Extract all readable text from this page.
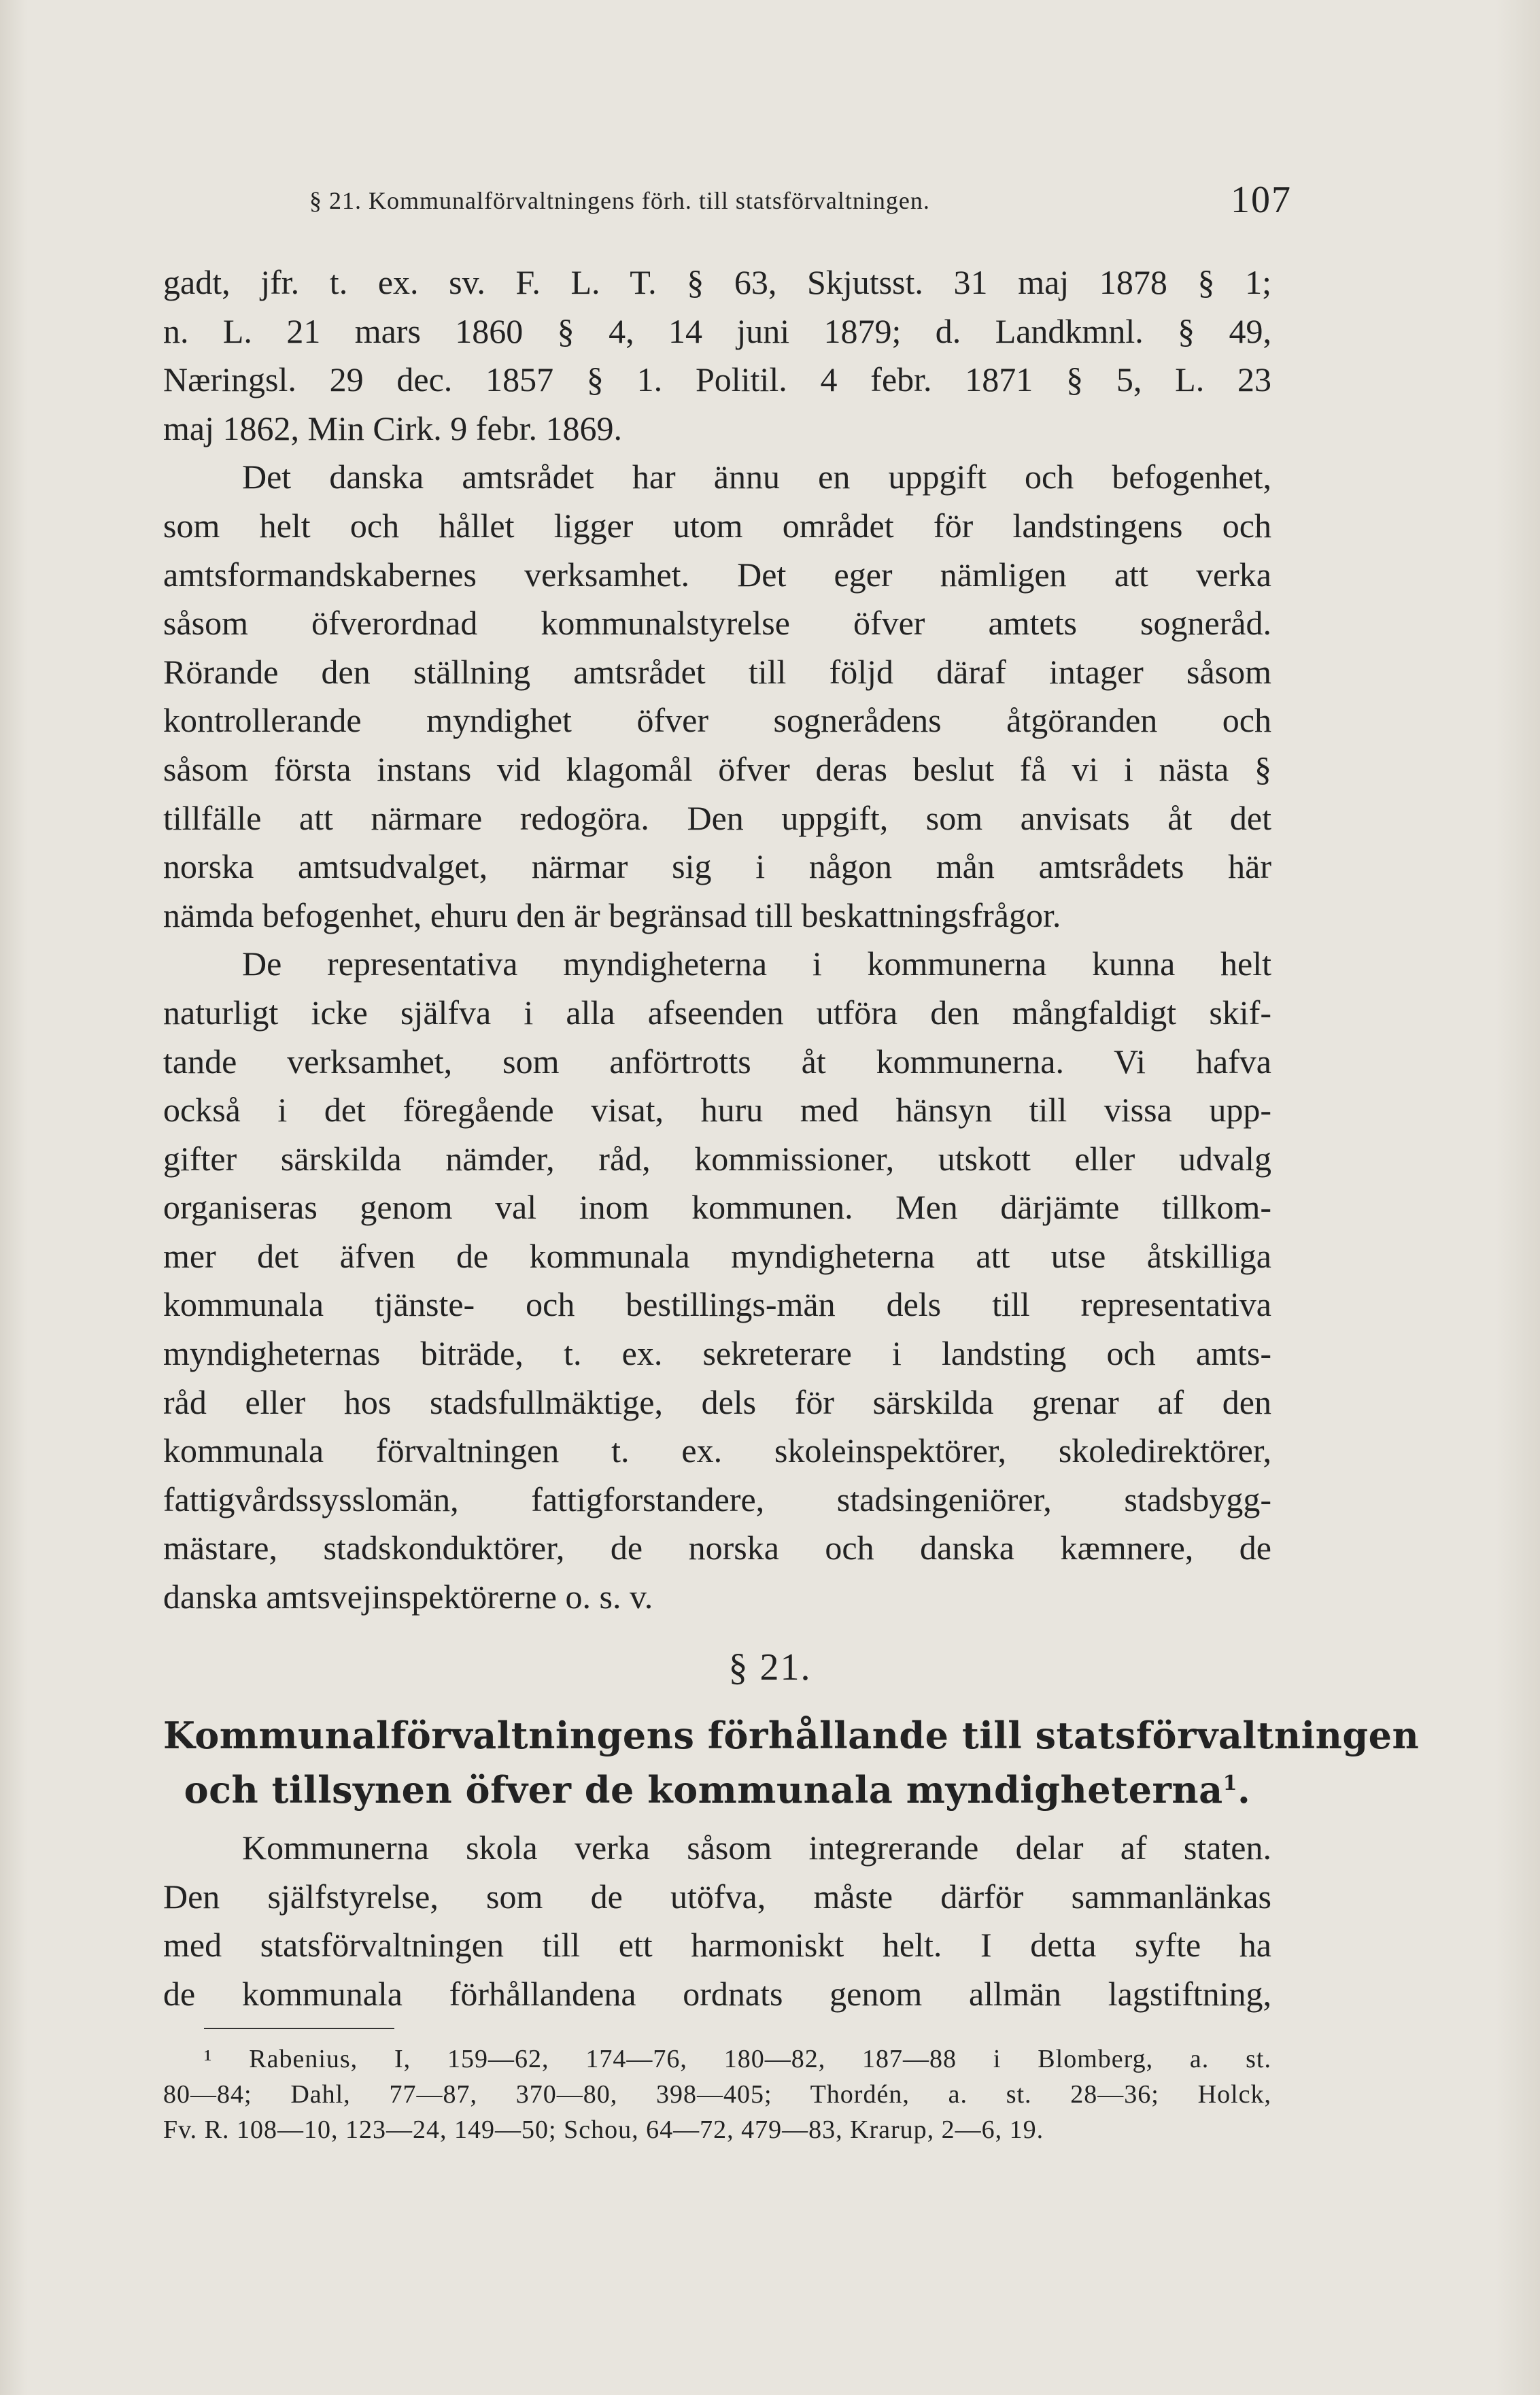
§ 21. Kommunalförvaltningens förh. till statsförvaltningen.	107
gadt, jfr. t. ex. sv. F. L. T. § 63, Skjutsst. 31 maj 1878 § 1;
n. L. 21 mars 1860 § 4, 14 juni 1879; d. Landkmnl. § 49,
Næringsl. 29 dec. 1857 § 1. Politil. 4 febr. 1871 § 5, L. 23
maj 1862, Min Cirk. 9 febr. 1869.
Det danska amtsrådet har ännu en uppgift och befogenhet,
som helt och hållet ligger utom området för landstingens och
amtsformandskabernes verksamhet. Det eger nämligen att verka
såsom öfverordnad kommunalstyrelse öfver amtets sogneråd.
Rörande den ställning amtsrådet till följd däraf intager såsom
kontrollerande myndighet öfver sognerådens åtgöranden och
såsom första instans vid klagomål öfver deras beslut få vi i nästa §
tillfälle att närmare redogöra. Den uppgift, som anvisats åt det
norska amtsudvalget, närmar sig i någon mån amtsrådets här
nämda befogenhet, ehuru den är begränsad till beskattningsfrågor.
De representativa myndigheterna i kommunerna kunna helt
naturligt icke själfva i alla afseenden utföra den mångfaldigt skif-
tande verksamhet, som anförtrotts åt kommunerna. Vi hafva
också i det föregående visat, huru med hänsyn till vissa upp-
gifter särskilda nämder, råd, kommissioner, utskott eller udvalg
organiseras genom val inom kommunen. Men därjämte tillkom-
mer det äfven de kommunala myndigheterna att utse åtskilliga
kommunala tjänste- och bestillings-män dels till representativa
myndigheternas biträde, t. ex. sekreterare i landsting och amts-
råd eller hos stadsfullmäktige, dels för särskilda grenar af den
kommunala förvaltningen t. ex. skoleinspektörer, skoledirektörer,
fattigvårdssysslomän, fattigforstandere, stadsingeniörer, stadsbygg-
mästare, stadskonduktörer, de norska och danska kæmnere, de
danska amtsvejinspektörerne o. s. v.
§ 21.
Kommunalförvaltningens förhållande till statsförvaltningen
och tillsynen öfver de kommunala myndigheterna$^1$.
Kommunerna skola verka såsom integrerande delar af staten.
Den själfstyrelse, som de utöfva, måste därför sammanlänkas
med statsförvaltningen till ett harmoniskt helt. I detta syfte ha
de kommunala förhållandena ordnats genom allmän lagstiftning,
¹ Rabenius, I, 159—62, 174—76, 180—82, 187—88 i Blomberg, a. st.
80—84; Dahl, 77—87, 370—80, 398—405; Thordén, a. st. 28—36; Holck,
Fv. R. 108—10, 123—24, 149—50; Schou, 64—72, 479—83, Krarup, 2—6, 19.
